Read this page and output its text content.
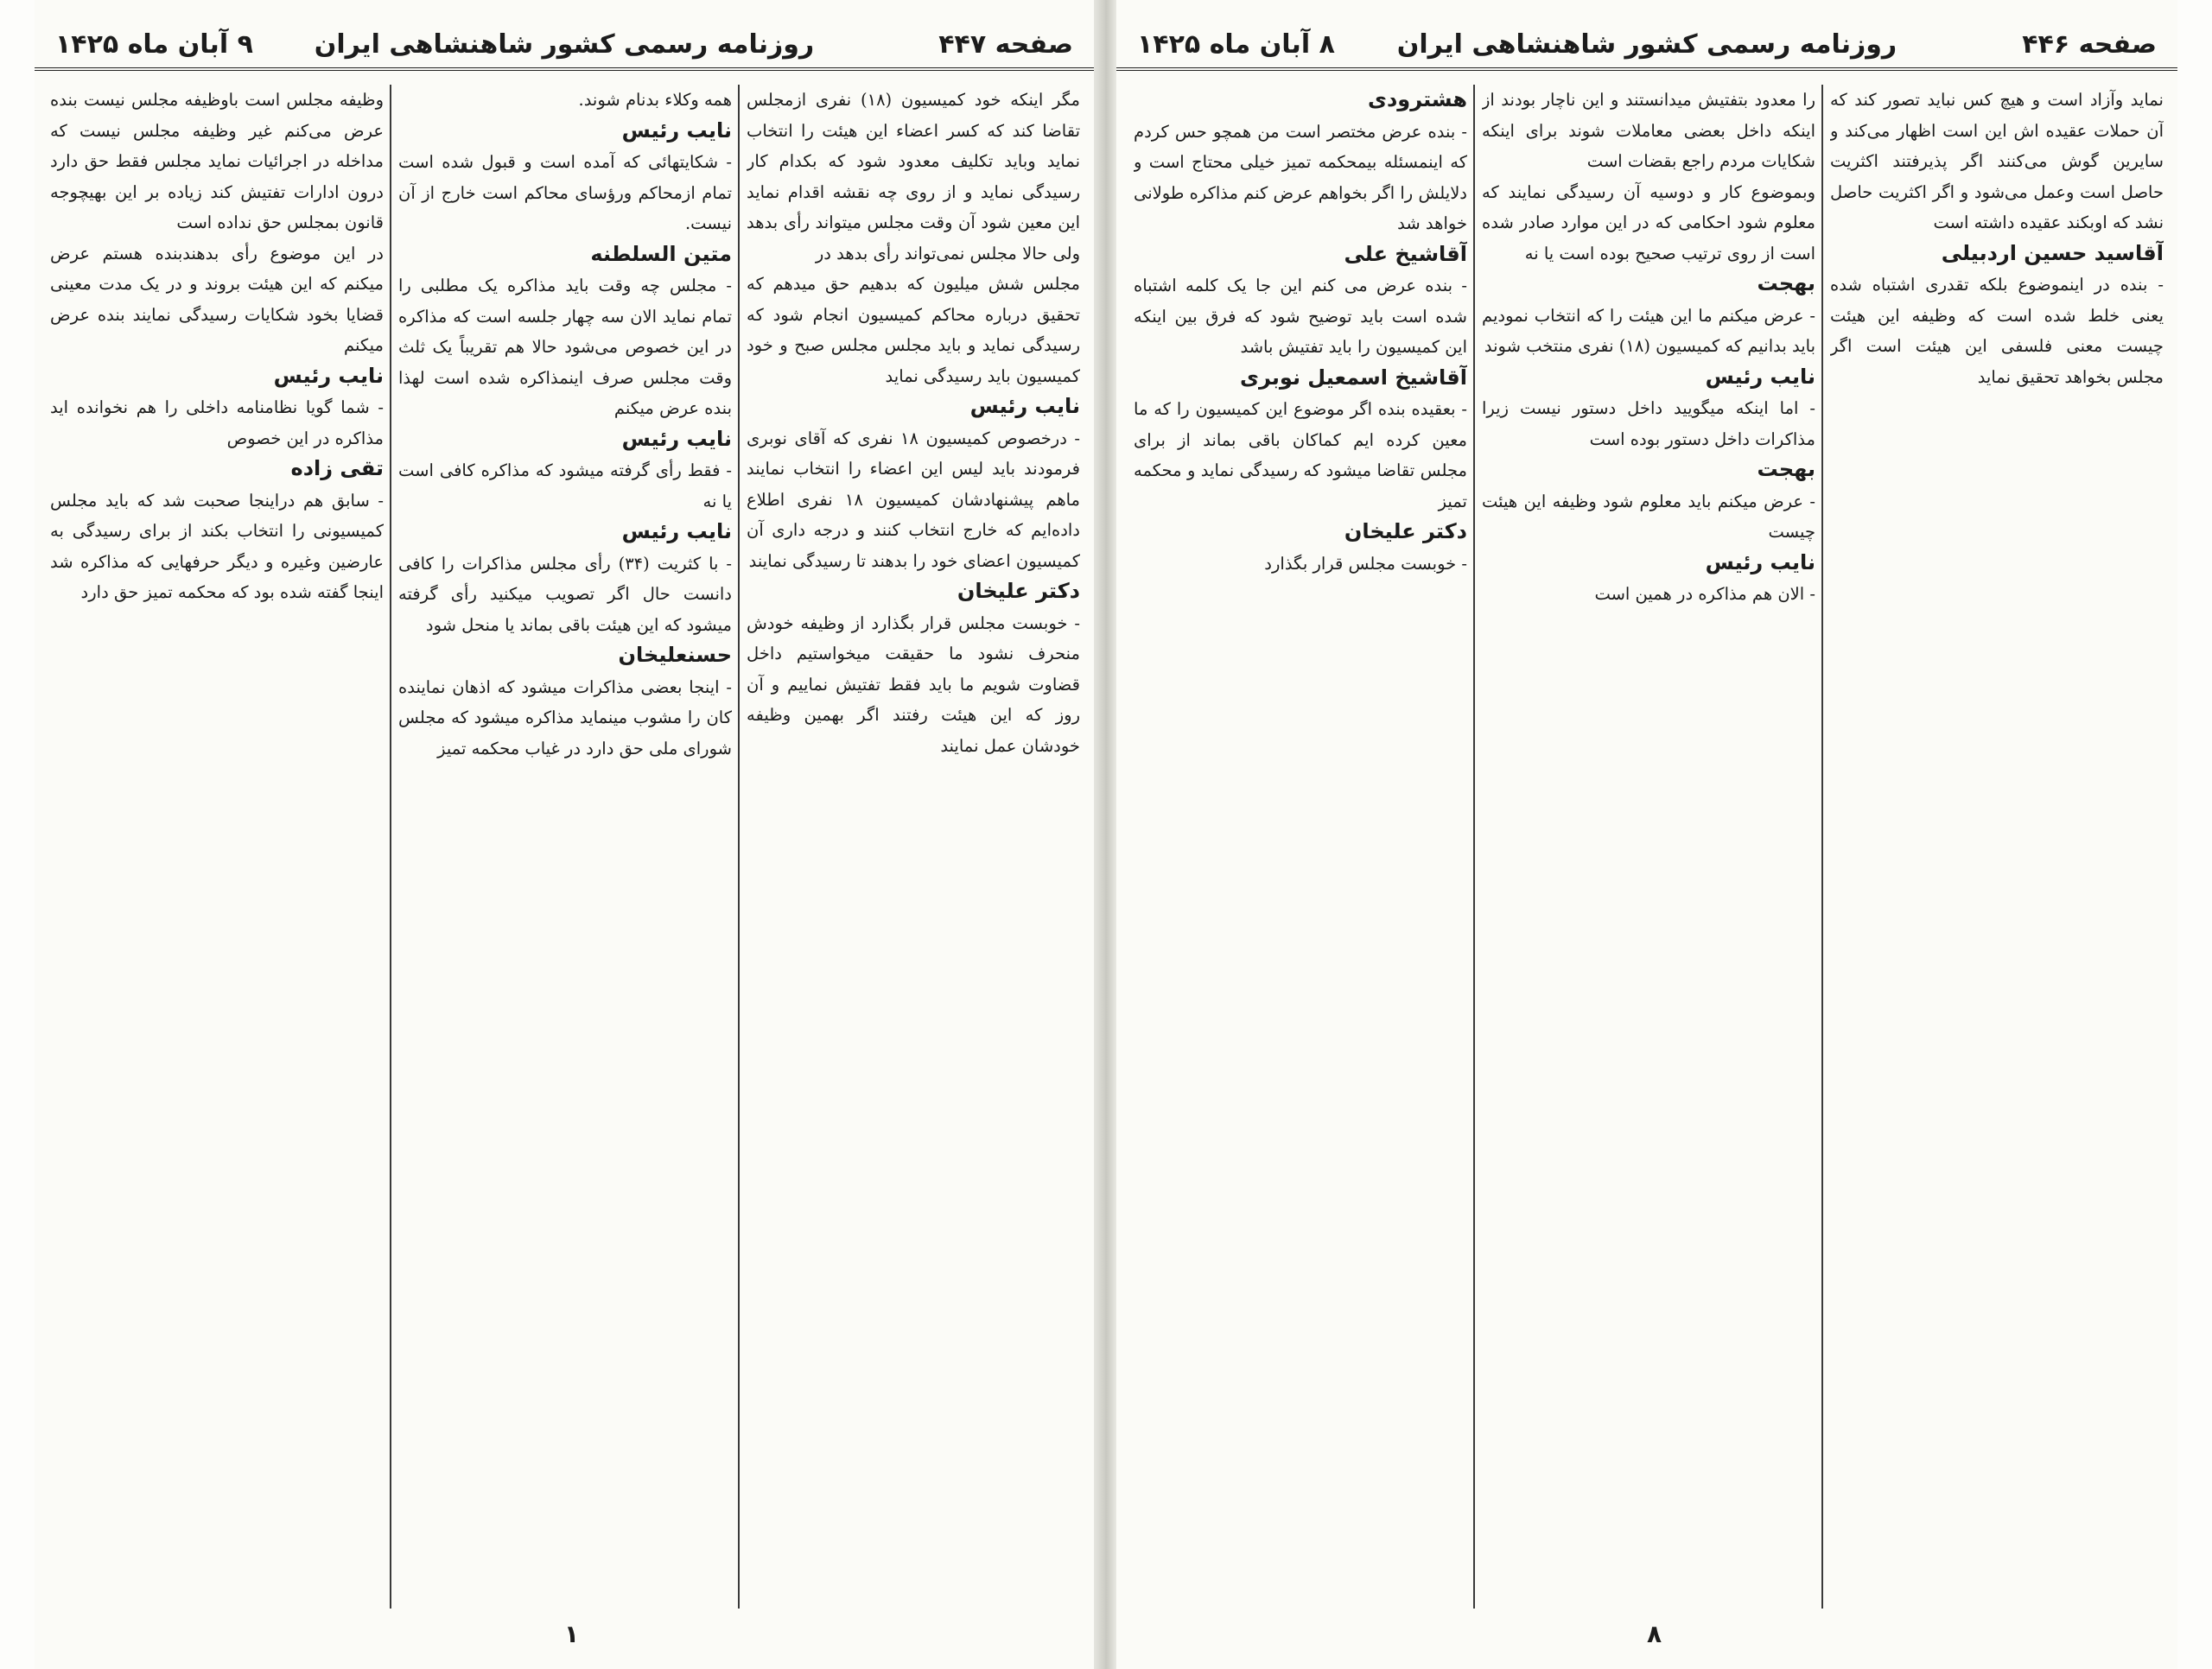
صفحه ۴۴۷
روزنامه رسمی کشور شاهنشاهی ایران
۹ آبان ماه ۱۴۲۵

مگر اینکه خود کمیسیون (۱۸) نفری ازمجلس تقاضا کند که کسر اعضاء این هیئت را انتخاب نماید وباید تکلیف معدود شود که بکدام کار رسیدگی نماید و از روی چه نقشه اقدام نماید این معین شود آن وقت مجلس میتواند رأی بدهد ولی حالا مجلس نمی‌تواند رأی بدهد در

مجلس شش میلیون که بدهیم حق میدهم که تحقیق درباره محاکم کمیسیون انجام شود که رسیدگی نماید و باید مجلس مجلس صبح و خود کمیسیون باید رسیدگی نماید

نایب رئیس

- درخصوص کمیسیون ۱۸ نفری که آقای نوبری فرمودند باید لیس این اعضاء را انتخاب نمایند ماهم پیشنهادشان کمیسیون ۱۸ نفری اطلاع داده‌ایم که خارج انتخاب کنند و درجه داری آن کمیسیون اعضای خود را بدهند تا رسیدگی نمایند

دکتر علیخان

- خوبست مجلس قرار بگذارد از وظیفه خودش منحرف نشود ما حقیقت میخواستیم داخل قضاوت شویم ما باید فقط تفتیش نماییم و آن روز که این هیئت رفتند اگر بهمین وظیفه خودشان عمل نمایند

همه وکلاء بدنام شوند.

نایب رئیس

- شکایتهائی که آمده است و قبول شده است تمام ازمحاکم ورؤسای محاکم است خارج از آن نیست.

متین السلطنه

- مجلس چه وقت باید مذاکره یک مطلبی را تمام نماید الان سه چهار جلسه است که مذاکره در این خصوص می‌شود حالا هم تقریباً یک ثلث وقت مجلس صرف اینمذاکره شده است لهذا بنده عرض میکنم

نایب رئیس

- فقط رأی گرفته میشود که مذاکره کافی است یا نه

نایب رئیس

- با کثریت (۳۴) رأی مجلس مذاکرات را کافی دانست حال اگر تصویب میکنید رأی گرفته میشود که این هیئت باقی بماند یا منحل شود

حسنعلیخان

- اینجا بعضی مذاکرات میشود که اذهان نماینده کان را مشوب مینماید مذاکره میشود که مجلس شورای ملی حق دارد در غیاب محکمه تمیز

وظیفه مجلس است باوظیفه مجلس نیست بنده عرض می‌کنم غیر وظیفه مجلس نیست که مداخله در اجرائیات نماید مجلس فقط حق دارد درون ادارات تفتیش کند زیاده بر این بهیچوجه قانون بمجلس حق نداده است

در این موضوع رأی بدهندبنده هستم عرض میکنم که این هیئت بروند و در یک مدت معینی قضایا بخود شکایات رسیدگی نمایند بنده عرض میکنم

نایب رئیس

- شما گویا نظامنامه داخلی را هم نخوانده اید مذاکره در این خصوص

تقی زاده

- سابق هم دراینجا صحبت شد که باید مجلس کمیسیونی را انتخاب بکند از برای رسیدگی به عارضین وغیره و دیگر حرفهایی که مذاکره شد اینجا گفته شده بود که محکمه تمیز حق دارد

۱
صفحه ۴۴۶
روزنامه رسمی کشور شاهنشاهی ایران
۸ آبان ماه ۱۴۲۵

نماید وآزاد است و هیچ کس نباید تصور کند که آن حملات عقیده اش این است اظهار می‌کند و سایرین گوش می‌کنند اگر پذیرفتند اکثریت حاصل است وعمل می‌شود و اگر اکثریت حاصل نشد که اوبکند عقیده داشته است

آقاسید حسین اردبیلی

- بنده در اینموضوع بلکه تقدری اشتباه شده یعنی خلط شده است که وظیفه این هیئت چیست معنی فلسفی این هیئت است اگر مجلس بخواهد تحقیق نماید

را معدود بتفتیش میدانستند و این ناچار بودند از اینکه داخل بعضی معاملات شوند برای اینکه شکایات مردم راجع بقضات است

وبموضوع کار و دوسیه آن رسیدگی نمایند که معلوم شود احکامی که در این موارد صادر شده است از روی ترتیب صحیح بوده است یا نه

بهجت

- عرض میکنم ما این هیئت را که انتخاب نمودیم باید بدانیم که کمیسیون (۱۸) نفری منتخب شوند

نایب رئیس

- اما اینکه میگویید داخل دستور نیست زیرا مذاکرات داخل دستور بوده است

بهجت

- عرض میکنم باید معلوم شود وظیفه این هیئت چیست

نایب رئیس

- الان هم مذاکره در همین است

هشترودی

- بنده عرض مختصر است من همچو حس کردم که اینمسئله بیمحکمه تمیز خیلی محتاج است و دلایلش را اگر بخواهم عرض کنم مذاکره طولانی خواهد شد

آقاشیخ علی

- بنده عرض می کنم این جا یک کلمه اشتباه شده است باید توضیح شود که فرق بین اینکه این کمیسیون را باید تفتیش باشد

آقاشیخ اسمعیل نوبری

- بعقیده بنده اگر موضوع این کمیسیون را که ما معین کرده ایم کماکان باقی بماند از برای مجلس تقاضا میشود که رسیدگی نماید و محکمه تمیز

دکتر علیخان

- خوبست مجلس قرار بگذارد

۸
